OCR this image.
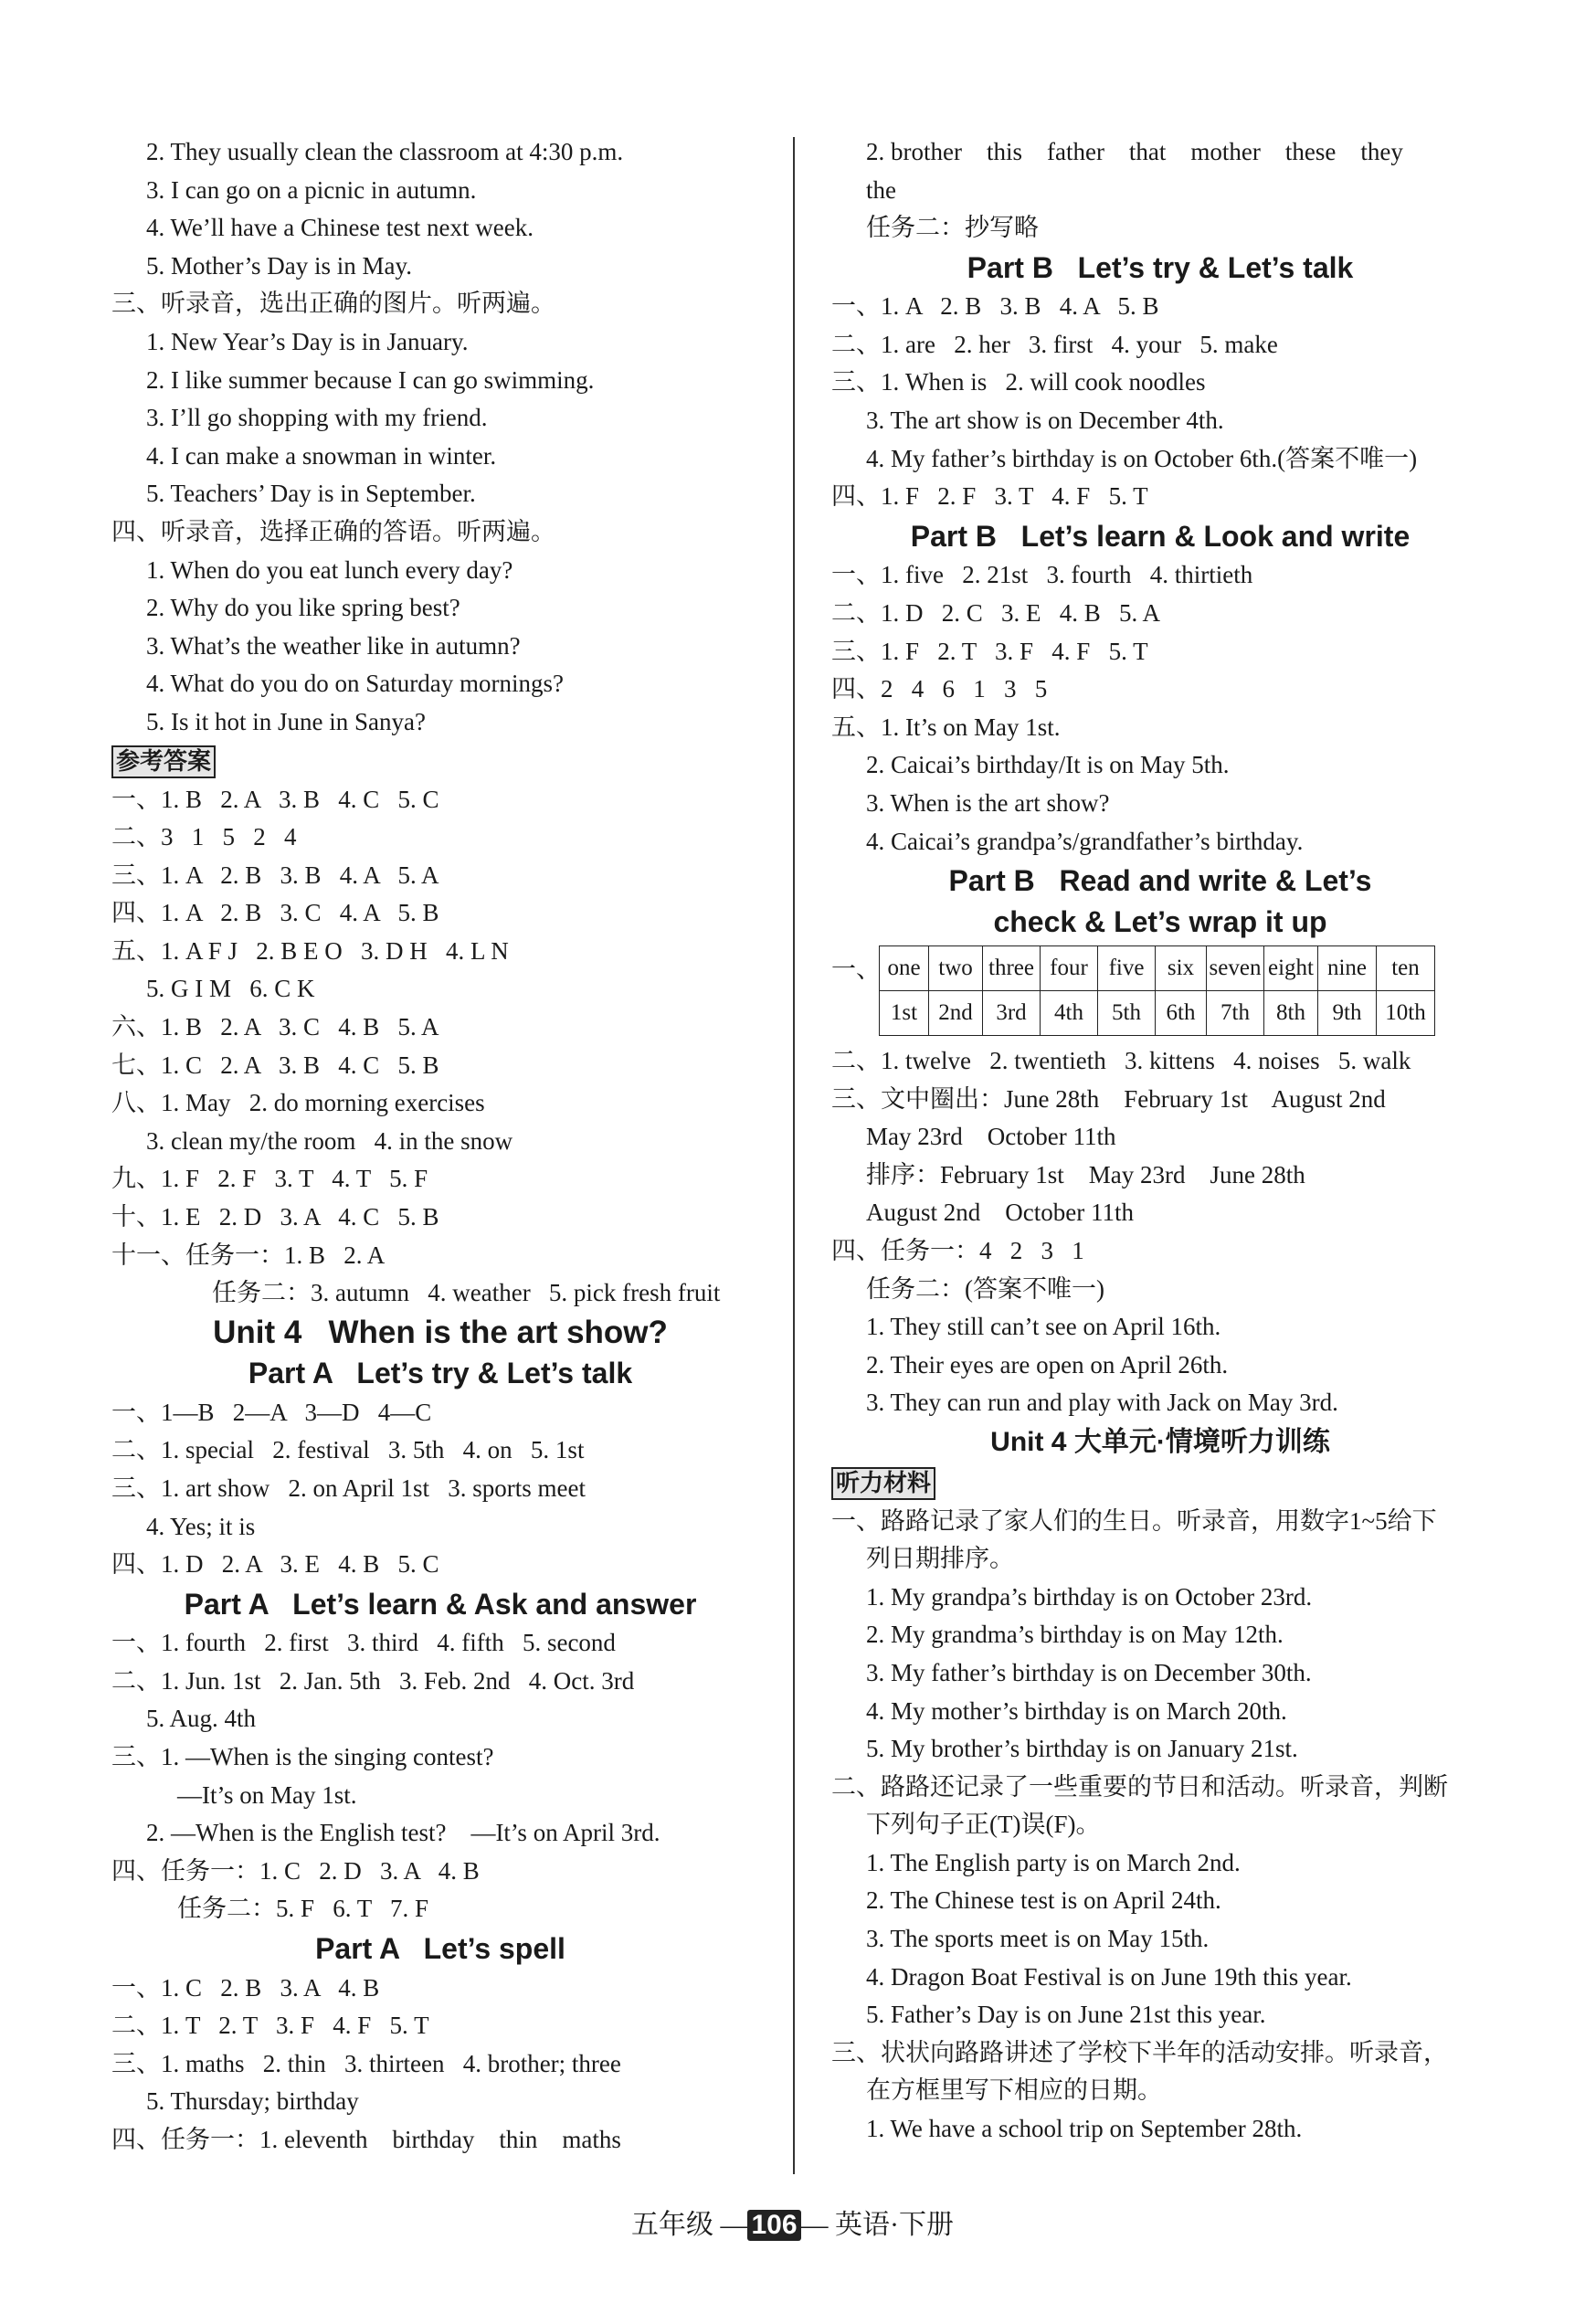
2. They usually clean the classroom at 4:30 p.m.
3. I can go on a picnic in autumn.
4. We’ll have a Chinese test next week.
5. Mother’s Day is in May.
三、听录音，选出正确的图片。听两遍。
1. New Year’s Day is in January.
2. I like summer because I can go swimming.
3. I’ll go shopping with my friend.
4. I can make a snowman in winter.
5. Teachers’ Day is in September.
四、听录音，选择正确的答语。听两遍。
1. When do you eat lunch every day?
2. Why do you like spring best?
3. What’s the weather like in autumn?
4. What do you do on Saturday mornings?
5. Is it hot in June in Sanya?
参考答案
一、1. B   2. A   3. B   4. C   5. C
二、3   1   5   2   4
三、1. A   2. B   3. B   4. A   5. A
四、1. A   2. B   3. C   4. A   5. B
五、1. A F J   2. B E O   3. D H   4. L N
5. G I M   6. C K
六、1. B   2. A   3. C   4. B   5. A
七、1. C   2. A   3. B   4. C   5. B
八、1. May   2. do morning exercises
3. clean my/the room   4. in the snow
九、1. F   2. F   3. T   4. T   5. F
十、1. E   2. D   3. A   4. C   5. B
十一、任务一：1. B   2. A
任务二：3. autumn   4. weather   5. pick fresh fruit
Unit 4   When is the art show?
Part A   Let’s try & Let’s talk
一、1—B   2—A   3—D   4—C
二、1. special   2. festival   3. 5th   4. on   5. 1st
三、1. art show   2. on April 1st   3. sports meet
4. Yes; it is
四、1. D   2. A   3. E   4. B   5. C
Part A   Let’s learn & Ask and answer
一、1. fourth   2. first   3. third   4. fifth   5. second
二、1. Jun. 1st   2. Jan. 5th   3. Feb. 2nd   4. Oct. 3rd
5. Aug. 4th
三、1. —When is the singing contest?
—It’s on May 1st.
2. —When is the English test?    —It’s on April 3rd.
四、任务一：1. C   2. D   3. A   4. B
任务二：5. F   6. T   7. F
Part A   Let’s spell
一、1. C   2. B   3. A   4. B
二、1. T   2. T   3. F   4. F   5. T
三、1. maths   2. thin   3. thirteen   4. brother; three
5. Thursday; birthday
四、任务一：1. eleventh    birthday    thin    maths
2. brother    this    father    that    mother    these    they
the
任务二：抄写略
Part B   Let’s try & Let’s talk
一、1. A   2. B   3. B   4. A   5. B
二、1. are   2. her   3. first   4. your   5. make
三、1. When is   2. will cook noodles
3. The art show is on December 4th.
4. My father’s birthday is on October 6th.(答案不唯一)
四、1. F   2. F   3. T   4. F   5. T
Part B   Let’s learn & Look and write
一、1. five   2. 21st   3. fourth   4. thirtieth
二、1. D   2. C   3. E   4. B   5. A
三、1. F   2. T   3. F   4. F   5. T
四、2   4   6   1   3   5
五、1. It’s on May 1st.
2. Caicai’s birthday/It is on May 5th.
3. When is the art show?
4. Caicai’s grandpa’s/grandfather’s birthday.
Part B   Read and write & Let’s
check & Let’s wrap it up
一、 one	two	three	four	five	six	seven	eight	nine	ten
1st	2nd	3rd	4th	5th	6th	7th	8th	9th	10th
二、1. twelve   2. twentieth   3. kittens   4. noises   5. walk
三、文中圈出：June 28th    February 1st    August 2nd
May 23rd    October 11th
排序：February 1st    May 23rd    June 28th
August 2nd    October 11th
四、任务一：4   2   3   1
任务二：(答案不唯一)
1. They still can’t see on April 16th.
2. Their eyes are open on April 26th.
3. They can run and play with Jack on May 3rd.
Unit 4 大单元·情境听力训练
听力材料
一、路路记录了家人们的生日。听录音，用数字1~5给下
列日期排序。
1. My grandpa’s birthday is on October 23rd.
2. My grandma’s birthday is on May 12th.
3. My father’s birthday is on December 30th.
4. My mother’s birthday is on March 20th.
5. My brother’s birthday is on January 21st.
二、路路还记录了一些重要的节日和活动。听录音，判断
下列句子正(T)误(F)。
1. The English party is on March 2nd.
2. The Chinese test is on April 24th.
3. The sports meet is on May 15th.
4. Dragon Boat Festival is on June 19th this year.
5. Father’s Day is on June 21st this year.
三、状状向路路讲述了学校下半年的活动安排。听录音，
在方框里写下相应的日期。
1. We have a school trip on September 28th.
五年级 — 106 — 英语·下册
